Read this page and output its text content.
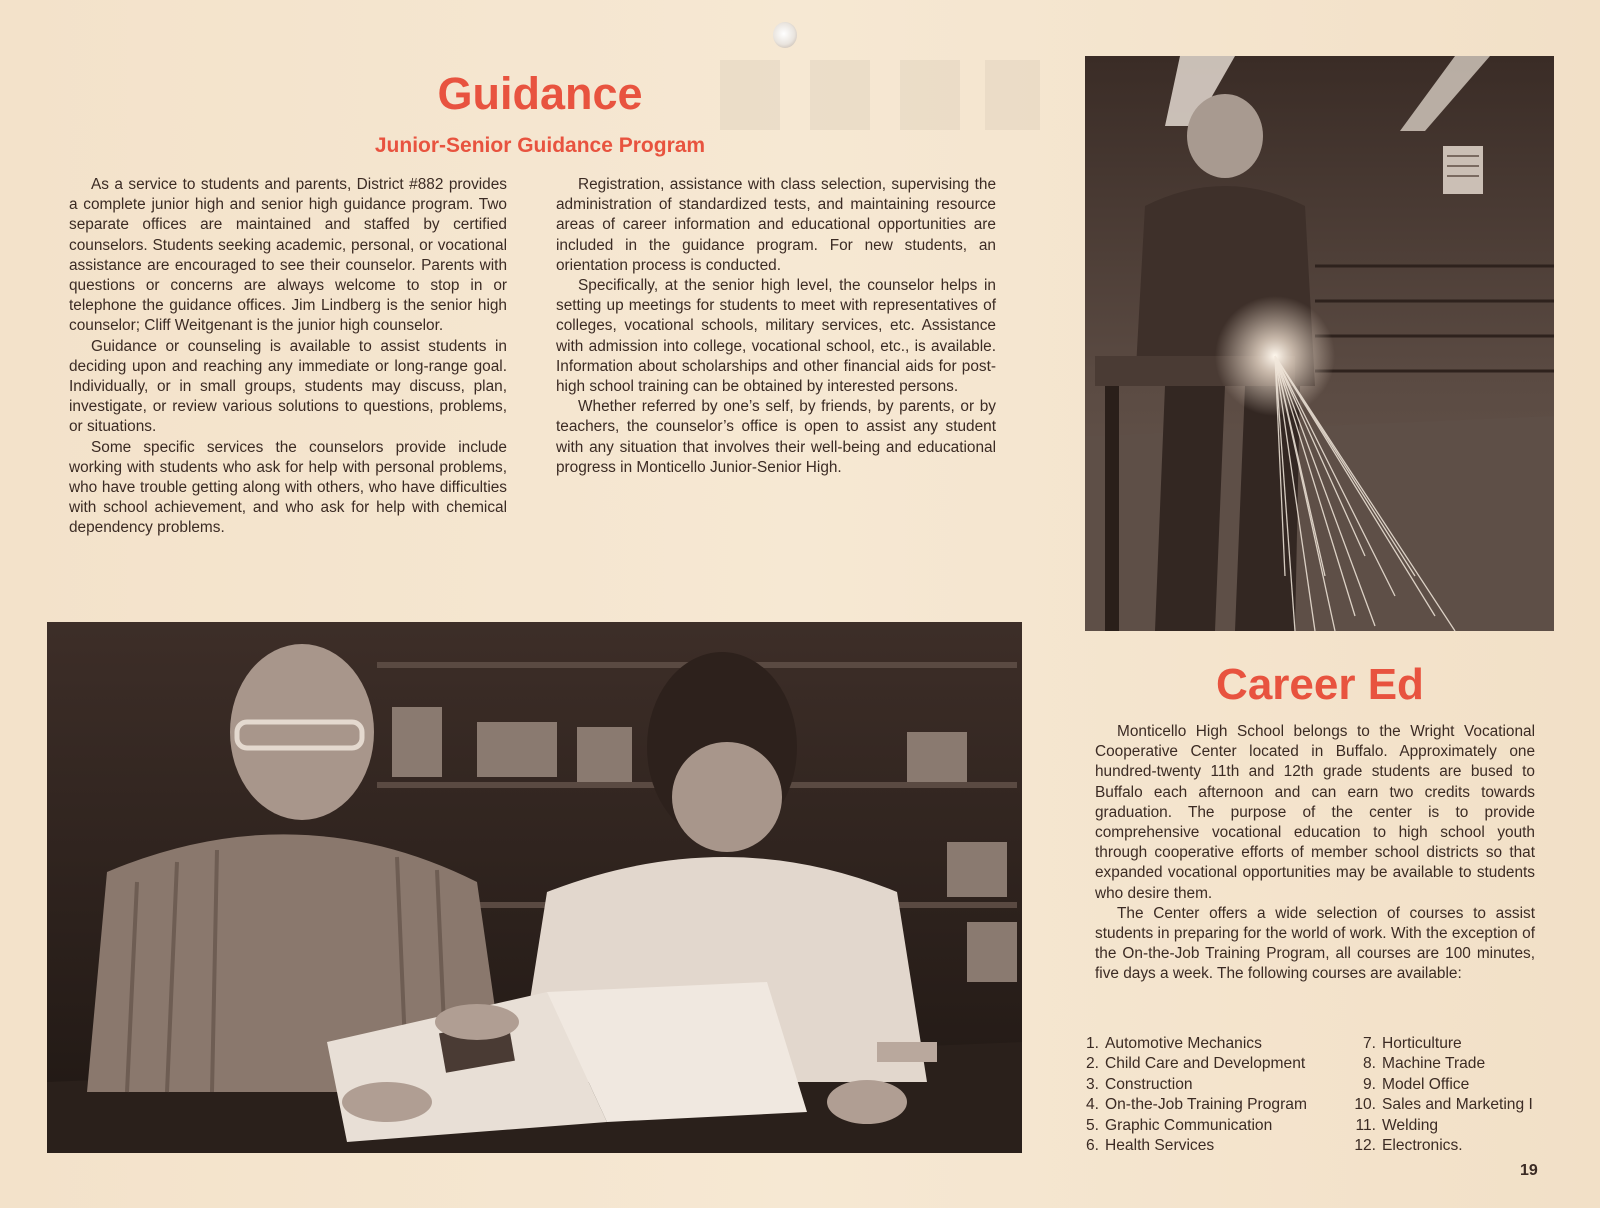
Guidance
Junior-Senior Guidance Program

As a service to students and parents, District #882 provides a complete junior high and senior high guidance program. Two separate offices are maintained and staffed by certified counselors. Students seeking academic, personal, or vocational assistance are encouraged to see their counselor. Parents with questions or concerns are always welcome to stop in or telephone the guidance offices. Jim Lindberg is the senior high counselor; Cliff Weitgenant is the junior high counselor.

Guidance or counseling is available to assist students in deciding upon and reaching any immediate or long-range goal. Individually, or in small groups, students may discuss, plan, investigate, or review various solutions to questions, problems, or situations.

Some specific services the counselors provide include working with students who ask for help with personal problems, who have trouble getting along with others, who have difficulties with school achievement, and who ask for help with chemical dependency problems.

Registration, assistance with class selection, supervising the administration of standardized tests, and maintaining resource areas of career information and educational opportunities are included in the guidance program. For new students, an orientation process is conducted.

Specifically, at the senior high level, the counselor helps in setting up meetings for students to meet with representatives of colleges, vocational schools, military services, etc. Assistance with admission into college, vocational school, etc., is available. Information about scholarships and other financial aids for post-high school training can be obtained by interested persons.

Whether referred by one’s self, by friends, by parents, or by teachers, the counselor’s office is open to assist any student with any situation that involves their well-being and educational progress in Monticello Junior-Senior High.

Career Ed

Monticello High School belongs to the Wright Vocational Cooperative Center located in Buffalo. Approximately one hundred-twenty 11th and 12th grade students are bused to Buffalo each afternoon and can earn two credits towards graduation. The purpose of the center is to provide comprehensive vocational education to high school youth through cooperative efforts of member school districts so that expanded vocational opportunities may be available to students who desire them.

The Center offers a wide selection of courses to assist students in preparing for the world of work. With the exception of the On-the-Job Training Program, all courses are 100 minutes, five days a week. The following courses are available:

1. Automotive Mechanics
2. Child Care and Development
3. Construction
4. On-the-Job Training Program
5. Graphic Communication
6. Health Services
7. Horticulture
8. Machine Trade
9. Model Office
10. Sales and Marketing I
11. Welding
12. Electronics.
19
